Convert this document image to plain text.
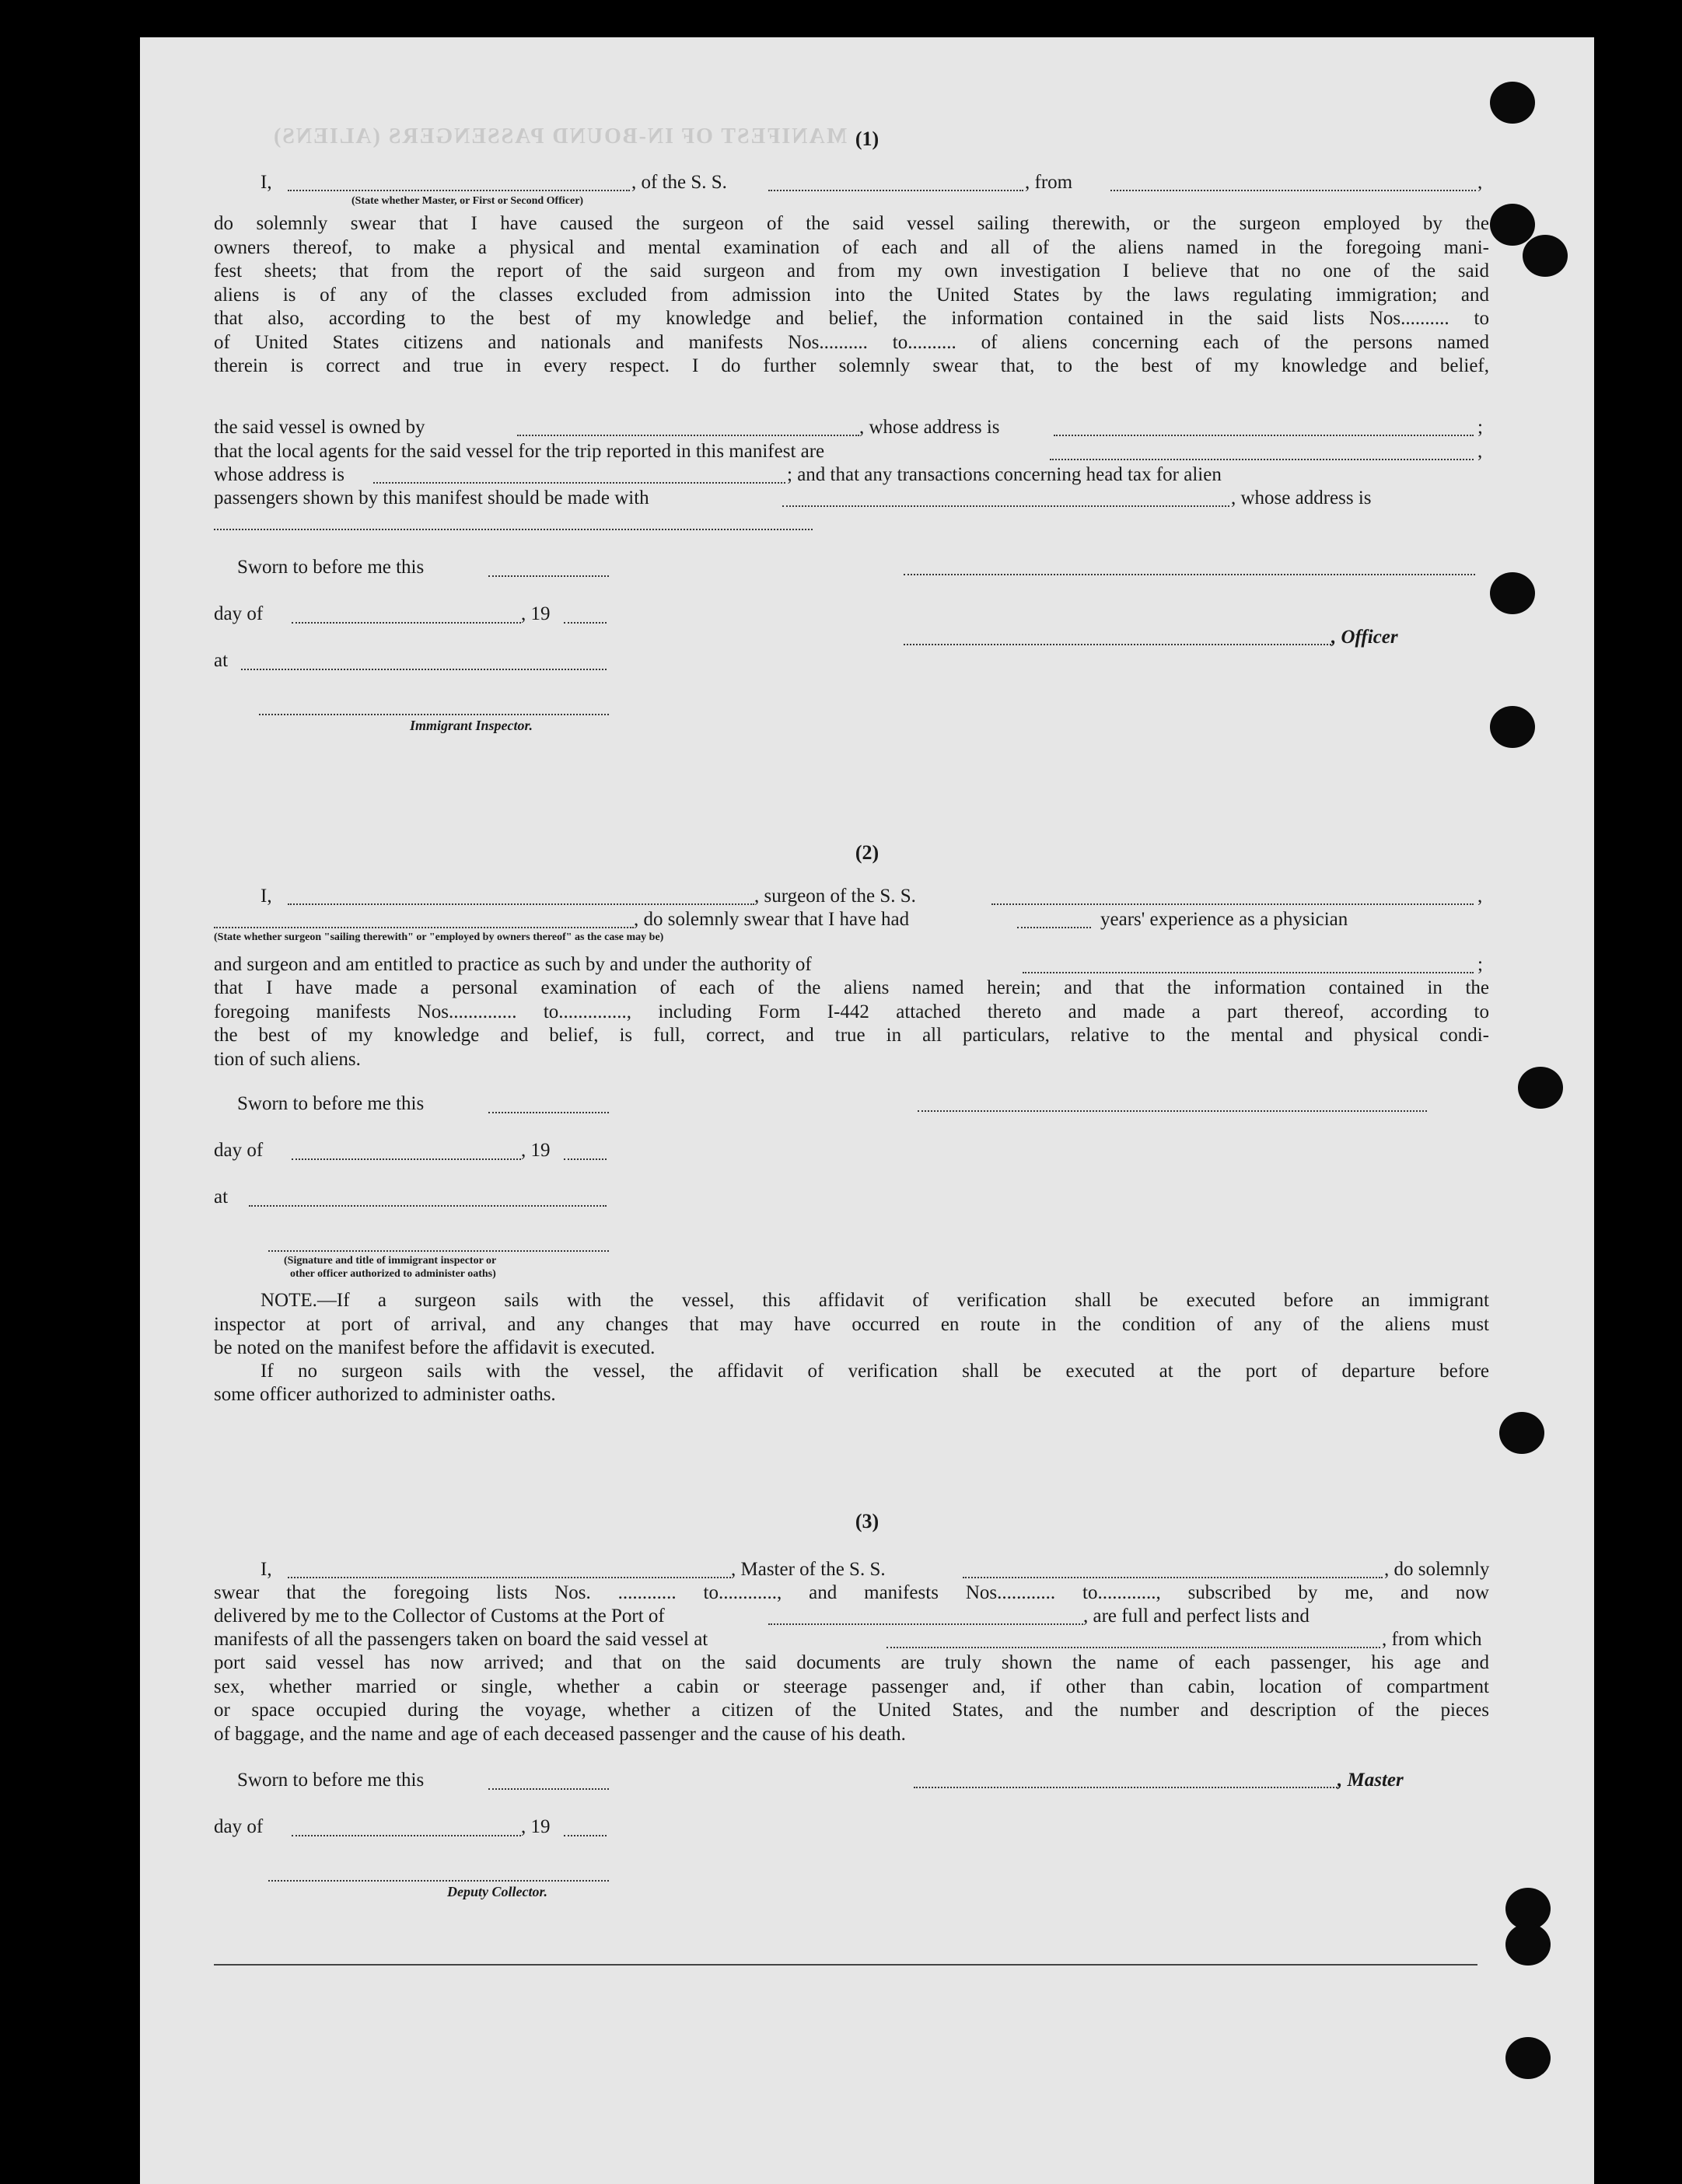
MANIFEST OF IN-BOUND PASSENGERS (ALIENS) (1)
I,	, of the S. S.	, from	,
(State whether Master, or First or Second Officer)
do solemnly swear that I have caused the surgeon of the said vessel sailing therewith, or the surgeon employed by the
owners thereof, to make a physical and mental examination of each and all of the aliens named in the foregoing mani-
fest sheets; that from the report of the said surgeon and from my own investigation I believe that no one of the said
aliens is of any of the classes excluded from admission into the United States by the laws regulating immigration; and
that also, according to the best of my knowledge and belief, the information contained in the said lists Nos.......... to
of United States citizens and nationals and manifests Nos.......... to.......... of aliens concerning each of the persons named
therein is correct and true in every respect. I do further solemnly swear that, to the best of my knowledge and belief,
the said vessel is owned by	, whose address is	;
that the local agents for the said vessel for the trip reported in this manifest are	,
whose address is	; and that any transactions concerning head tax for alien
passengers shown by this manifest should be made with	, whose address is
Sworn to before me this
day of	, 19
, Officer
at
Immigrant Inspector.
(2)
I,	, surgeon of the S. S.	,
, do solemnly swear that I have had	years' experience as a physician
(State whether surgeon "sailing therewith" or "employed by owners thereof" as the case may be)
and surgeon and am entitled to practice as such by and under the authority of	;
that I have made a personal examination of each of the aliens named herein; and that the information contained in the
foregoing manifests Nos.............. to.............., including Form I-442 attached thereto and made a part thereof, according to
the best of my knowledge and belief, is full, correct, and true in all particulars, relative to the mental and physical condi-
tion of such aliens.
Sworn to before me this
day of	, 19
at
(Signature and title of immigrant inspector or
other officer authorized to administer oaths)
NOTE.—If a surgeon sails with the vessel, this affidavit of verification shall be executed before an immigrant
inspector at port of arrival, and any changes that may have occurred en route in the condition of any of the aliens must
be noted on the manifest before the affidavit is executed.
If no surgeon sails with the vessel, the affidavit of verification shall be executed at the port of departure before
some officer authorized to administer oaths.
(3)
I,	, Master of the S. S.	, do solemnly
swear that the foregoing lists Nos. ............ to............, and manifests Nos............ to............, subscribed by me, and now
delivered by me to the Collector of Customs at the Port of	, are full and perfect lists and
manifests of all the passengers taken on board the said vessel at	, from which
port said vessel has now arrived; and that on the said documents are truly shown the name of each passenger, his age and
sex, whether married or single, whether a cabin or steerage passenger and, if other than cabin, location of compartment
or space occupied during the voyage, whether a citizen of the United States, and the number and description of the pieces
of baggage, and the name and age of each deceased passenger and the cause of his death.
Sworn to before me this	, Master
day of	, 19
Deputy Collector.
